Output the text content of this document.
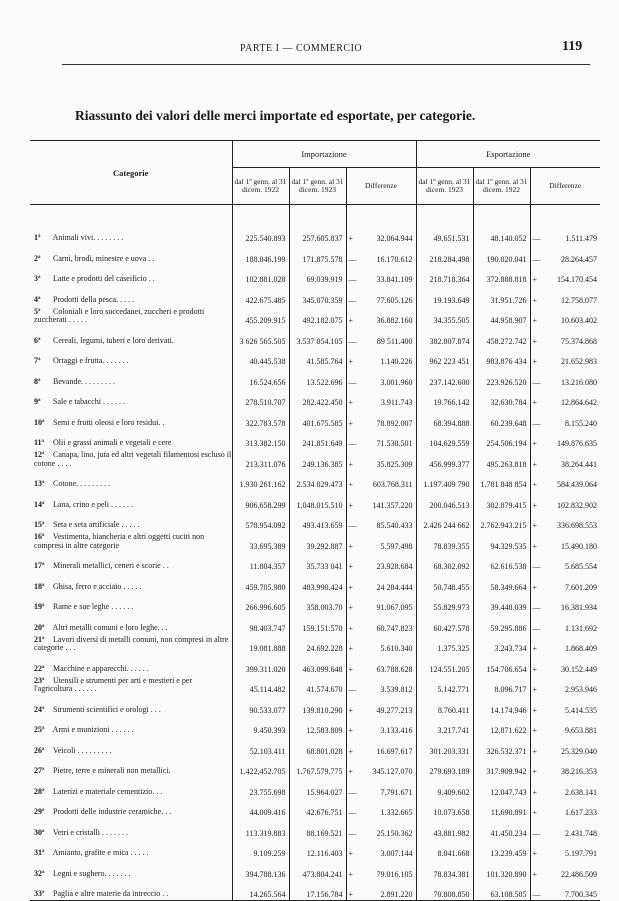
PARTE I — COMMERCIO	119
Riassunto dei valori delle merci importate ed esportate, per categorie.
Categorie	Importazione			Esportazione		
	dal 1º genn. al 31 dicem. 1922	dal 1º genn. al 31 dicem. 1923	Differenze	dal 1º genn. al 31 dicem. 1923	dal 1º genn. al 31 dicem. 1922	Differenze

1ª Animali vivi. . . . . . . .	225.540.893	257.605.837	+ 32.064.944	49.651.531	48.140.052	— 1.511.479
2ª Carni, brodi, minestre e uova . .	188.046.199	171.875.578	— 16.170.612	218.284.498	190.020.041	— 28.264.457
3ª Latte e prodotti del caseificio . .	102.881.028	69.039.919	— 33.841.109	218.718.364	372.888.818	+ 154.170.454
4ª Prodotti della pesca. . . . .	422.675.485	345.070.359	— 77.605.126	19.193.649	31.951.726	+ 12.758.077
5ª Coloniali e loro succedanei, zuccheri e prodotti zuccherati . . . . .	455.209.915	492.182.075	+ 36.882.160	34.355.505	44.958.907	+ 10.603.402
6ª Cereali, legumi, tuberi e loro derivati.	3 626 565.505	3.537 054.105	— 89 511.400	382.807.874	458.272.742	+ 75.374.868
7ª Ortaggi e frutta. . . . . . .	40.445.538	41.585.764	+ 1.140.226	962 223 451	983.876 434	+ 21.652.983
8ª Bevande. . . . . . . . .	16.524.656	13.522.696	— 3.001.960	237.142.600	223.926.520	— 13.216.080
9ª Sale e tabacchi . . . . . .	278.510.707	282.422.450	+ 3.911.743	19.766.142	32.630.784	+ 12.864.642
10ª Semi e frutti oleosi e loro residui. .	322.783.578	401.675.585	+ 78.892.007	68.394.888	60.239.648	— 8.155.240
11ª Olii e grassi animali e vegetali e cere	313.382.150	241.851.649	— 71.530.501	104.629.559	254.506.194	+ 149.876.635
12ª Canapa, lino, juta ed altri vegetali filamentosi escluso il cotone . . . .	213.311.076	249.136.385	+ 35.825.309	456.999.377	495.263.818	+ 38.264.441
13ª Cotone. . . . . . . . .	1.930 261.162	2.534 029.473	+ 603.768.311	1.197.409 790	1.781 848 854	+ 584.439.064
14ª Lana, crino e peli . . . . . .	906.658.299	1.048.015.510	+ 141.357.220	200.046.513	302.879.415	+ 102.832.902
15ª Seta e seta artificiale . . . . .	578.954.092	493.413.659	— 85.540.433	2.426 244 662	2.762.943.215	+ 336.698.553
16ª Vestimenta, biancheria e altri oggetti cuciti non compresi in altre categorie	33.695.389	39.292.887	+ 5.597.498	78.839.355	94.329.535	+ 15.490.180
17ª Minerali metallici, ceneri e scorie . .	11.804.357	35.733 041	+ 23.928.684	68.302.092	62.616.538	— 5.685.554
18ª Ghisa, ferro e acciaio . . . . .	459.705.980	483.990.424	+ 24 284.444	50.748.455	58.349.664	+ 7.601.209
19ª Rame e sue leghe . . . . . .	266.996.605	358.003.70	+ 91.067.095	55.829.973	39.448.039	— 16.381.934
20ª Altri metalli comuni e loro leghe. . .	98.403.747	159.151.570	+ 60.747.823	60.427.578	59.295.886	— 1.131.692
21ª Lavori diversi di metalli comuni, non compresi in altre categorie . . .	19.081.888	24.692.228	+ 5.610.340	1.375.325	3.243.734	+ 1.868.409
22ª Macchine e apparecchi. . . . . .	399.311.020	463.099.648	+ 63.788.628	124.551.205	154.706.654	+ 30.152.449
23ª Utensili e strumenti per arti e mestieri e per l'agricoltura . . . . . .	45.114.482	41.574.670	— 3.539.812	5.142.771	8.096.717	+ 2.953.946
24ª Strumenti scientifici e orologi . . .	90.533.077	139.810.290	+ 49.277.213	8.760.411	14.174.946	+ 5.414.535
25ª Armi e munizioni . . . . . .	9.450.393	12.583.809	+ 3.133.416	3.217.741	12.871.622	+ 9.653.881
26ª Veicoli . . . . . . . . .	52.103.411	68.801.028	+ 16.697.617	301.203.331	326.532.371	+ 25.329.040
27ª Pietre, terre e minerali non metallici.	1.422,452.705	1.767.579.775	+ 345.127.070	279.693.189	317.909.942	+ 38.216.353
28ª Laterizi e materiale cementizio. . .	23.755.698	15.964.027	— 7.791.671	9.409.602	12.047.743	+ 2.638.141
29ª Prodotti delle industrie ceramiche. . .	44.009.416	42.676.751	— 1.332.665	10.073.658	11.690.891	+ 1.617.233
30ª Vetri e cristalli . . . . . . .	113.319.883	88.169.521	— 25.150.362	43.881.982	41.450.234	— 2.431.748
31ª Amianto, grafite e mica . . . . .	9.109.259	12.116.403	+ 3.007.144	8.041.668	13.239.459	+ 5.197.791
32ª Legni e sughero. . . . . . .	394.788.136	473.804.241	+ 79.016.105	78.834.381	101.320.890	+ 22.486.509
33ª Paglia e altre materie da intreccio . .	14.265.564	17.156.784	+ 2.891.220	70.808.850	63.108.505	— 7.700.345
